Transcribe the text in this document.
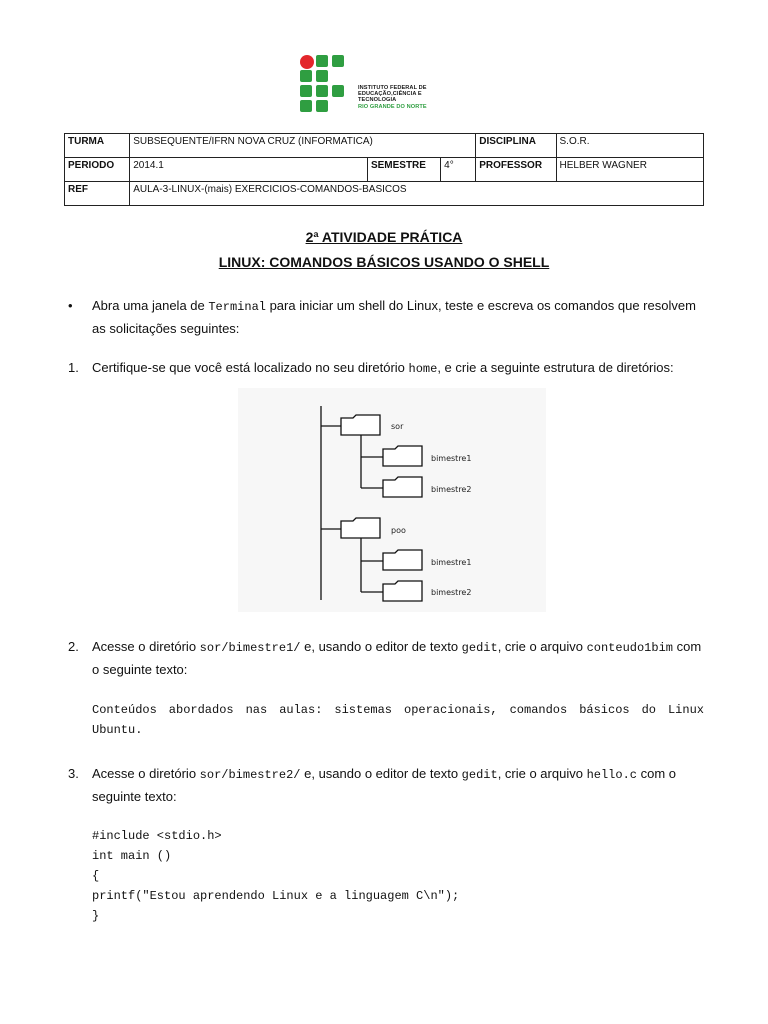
INSTITUTO FEDERAL DE
EDUCAÇÃO,CIÊNCIA E TECNOLOGIA
RIO GRANDE DO NORTE
TURMA	SUBSEQUENTE/IFRN NOVA CRUZ (INFORMATICA)			DISCIPLINA	S.O.R.
PERIODO	2014.1	SEMESTRE	4°	PROFESSOR	HELBER WAGNER
REF	AULA-3-LINUX-(mais) EXERCICIOS-COMANDOS-BASICOS				
2ª ATIVIDADE PRÁTICA
LINUX: COMANDOS BÁSICOS USANDO O SHELL
• Abra uma janela de Terminal para iniciar um shell do Linux, teste e escreva os comandos que resolvem as solicitações seguintes:
1. Certifique-se que você está localizado no seu diretório home, e crie a seguinte estrutura de diretórios:
sor
bimestre1
bimestre2
poo
bimestre1
bimestre2
2. Acesse o diretório sor/bimestre1/ e, usando o editor de texto gedit, crie o arquivo conteudo1bim com o seguinte texto:
Conteúdos abordados nas aulas: sistemas operacionais, comandos básicos do Linux Ubuntu.
3. Acesse o diretório sor/bimestre2/ e, usando o editor de texto gedit, crie o arquivo hello.c com o seguinte texto:
#include <stdio.h>
int main ()
{
printf("Estou aprendendo Linux e a linguagem C\n");
}
